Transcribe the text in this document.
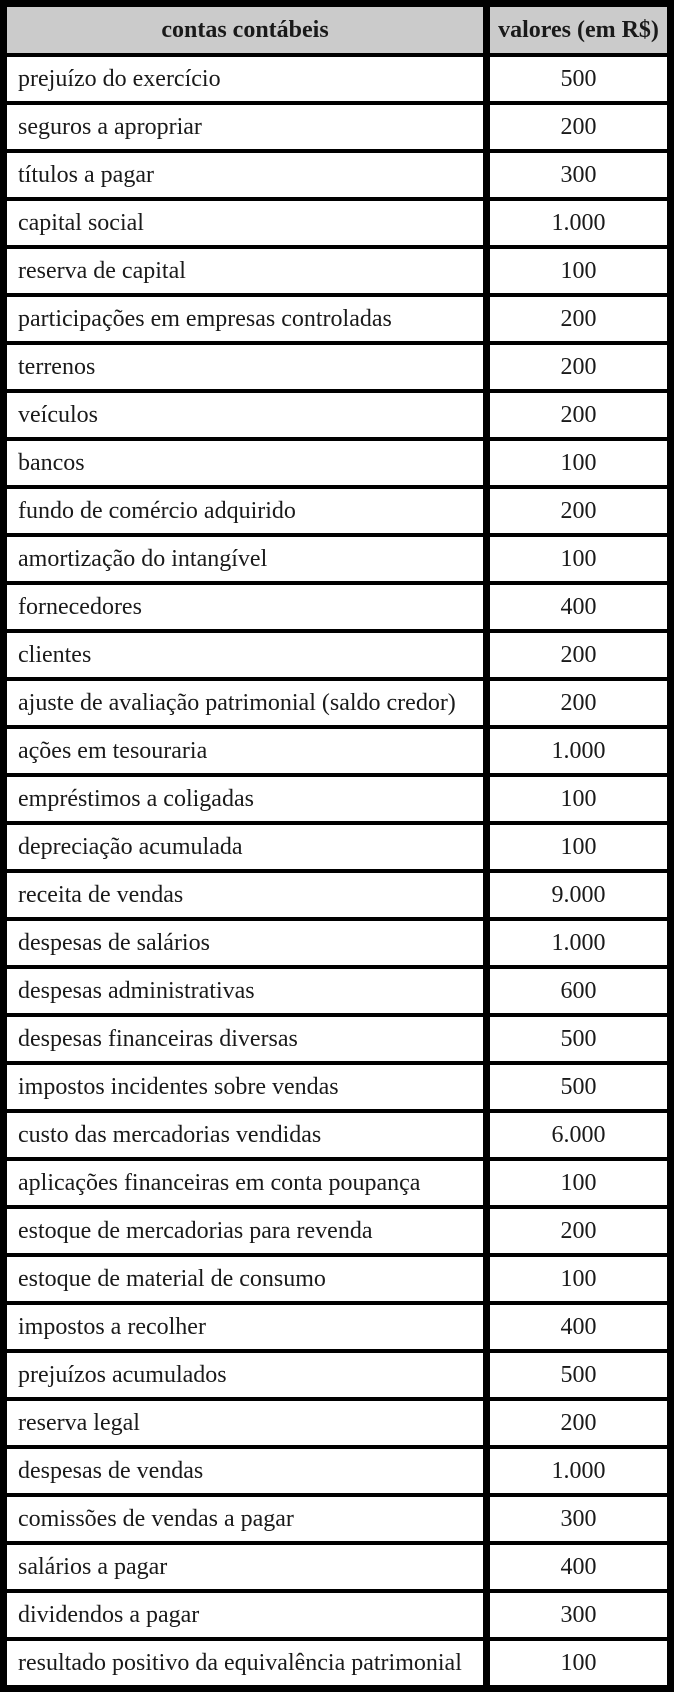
contas contábeis	valores (em R$)
prejuízo do exercício	500
seguros a apropriar	200
títulos a pagar	300
capital social	1.000
reserva de capital	100
participações em empresas controladas	200
terrenos	200
veículos	200
bancos	100
fundo de comércio adquirido	200
amortização do intangível	100
fornecedores	400
clientes	200
ajuste de avaliação patrimonial (saldo credor)	200
ações em tesouraria	1.000
empréstimos a coligadas	100
depreciação acumulada	100
receita de vendas	9.000
despesas de salários	1.000
despesas administrativas	600
despesas financeiras diversas	500
impostos incidentes sobre vendas	500
custo das mercadorias vendidas	6.000
aplicações financeiras em conta poupança	100
estoque de mercadorias para revenda	200
estoque de material de consumo	100
impostos a recolher	400
prejuízos acumulados	500
reserva legal	200
despesas de vendas	1.000
comissões de vendas a pagar	300
salários a pagar	400
dividendos a pagar	300
resultado positivo da equivalência patrimonial	100
